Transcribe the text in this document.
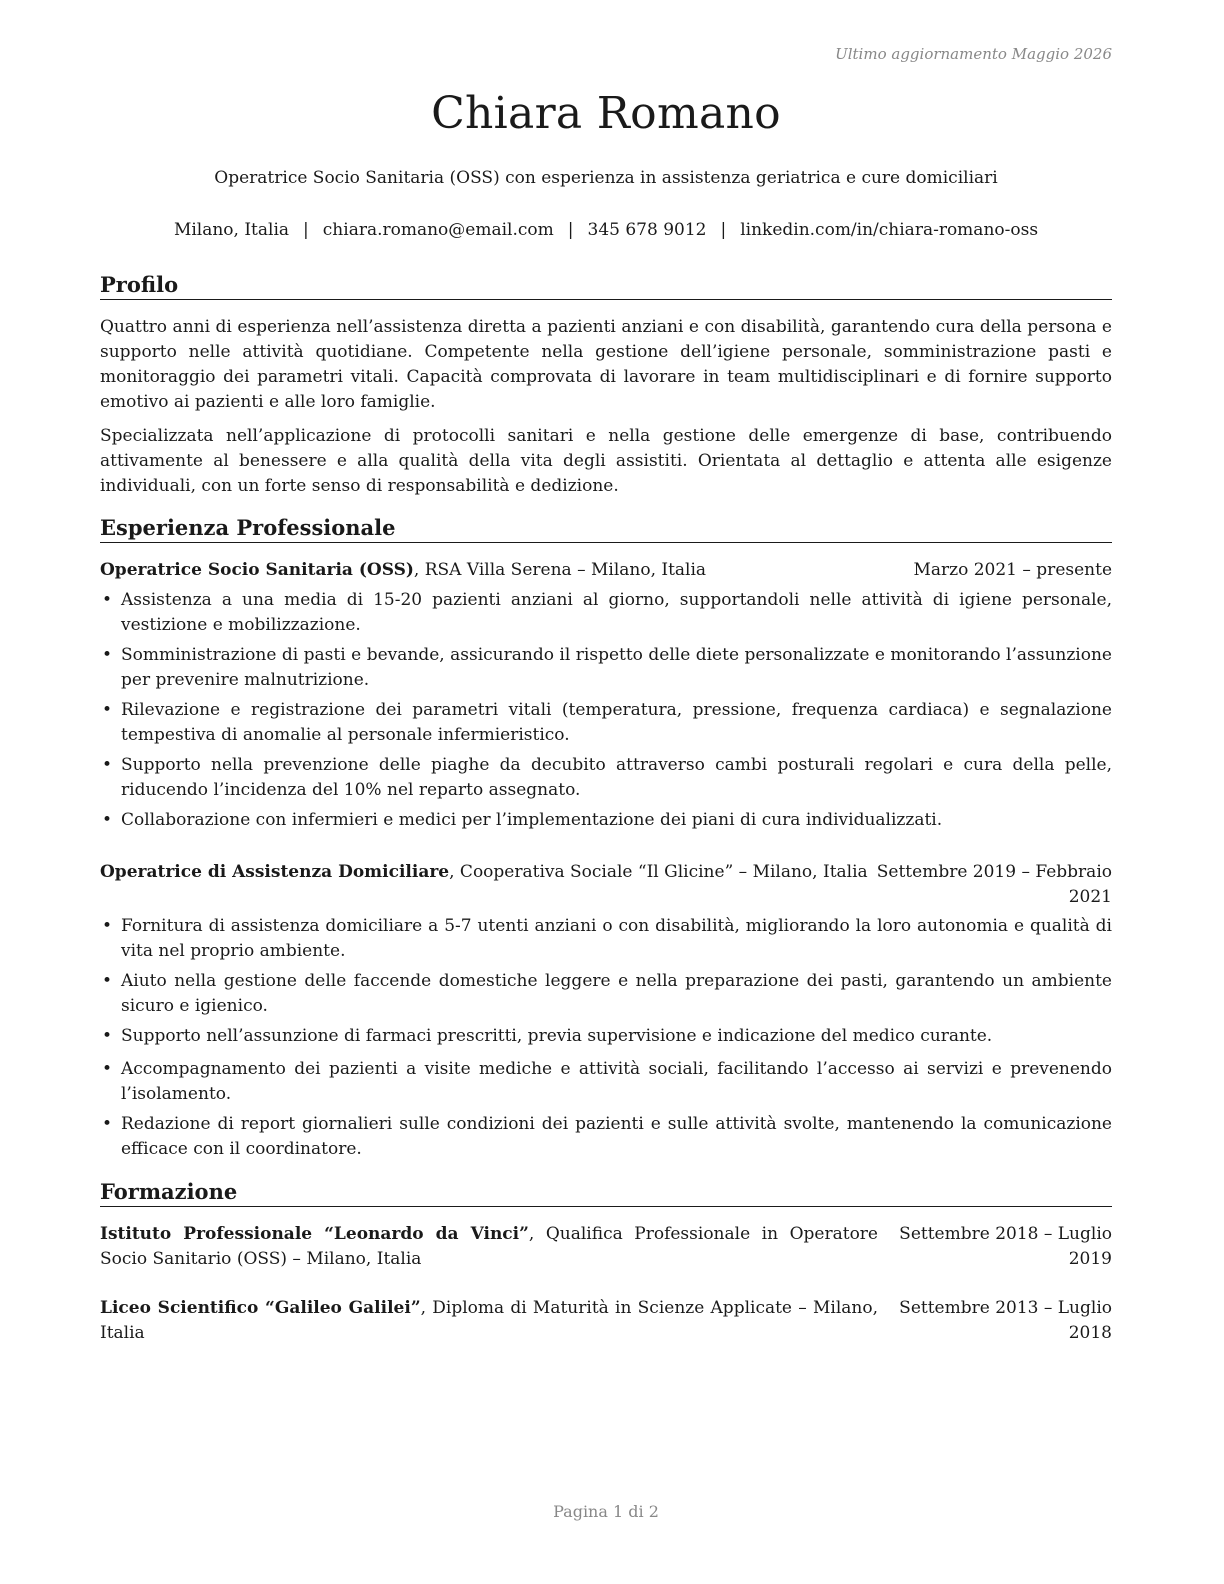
Ultimo aggiornamento Maggio 2026
Chiara Romano
Operatrice Socio Sanitaria (OSS) con esperienza in assistenza geriatrica e cure domiciliari
Milano, Italia | chiara.romano@email.com | 345 678 9012 | linkedin.com/in/chiara-romano-oss
Profilo

Quattro anni di esperienza nell’assistenza diretta a pazienti anziani e con disabilità, garantendo cura della persona e supporto nelle attività quotidiane. Competente nella gestione dell’igiene personale, somministrazione pasti e monitoraggio dei parametri vitali. Capacità comprovata di lavorare in team multidisciplinari e di fornire supporto emotivo ai pazienti e alle loro famiglie.

Specializzata nell’applicazione di protocolli sanitari e nella gestione delle emergenze di base, contribuendo attivamente al benessere e alla qualità della vita degli assistiti. Orientata al dettaglio e attenta alle esigenze individuali, con un forte senso di responsabilità e dedizione.

Esperienza Professionale
Operatrice Socio Sanitaria (OSS), RSA Villa Serena – Milano, Italia	Marzo 2021 – presente
• Assistenza a una media di 15-20 pazienti anziani al giorno, supportandoli nelle attività di igiene personale, vestizione e mobilizzazione.
• Somministrazione di pasti e bevande, assicurando il rispetto delle diete personalizzate e monitorando l’assunzione per prevenire malnutrizione.
• Rilevazione e registrazione dei parametri vitali (temperatura, pressione, frequenza cardiaca) e segnalazione tempestiva di anomalie al personale infermieristico.
• Supporto nella prevenzione delle piaghe da decubito attraverso cambi posturali regolari e cura della pelle, riducendo l’incidenza del 10% nel reparto assegnato.
• Collaborazione con infermieri e medici per l’implementazione dei piani di cura individualizzati.
Operatrice di Assistenza Domiciliare, Cooperativa Sociale “Il Glicine” – Milano, Italia Settembre 2019 – Febbraio
2021
• Fornitura di assistenza domiciliare a 5-7 utenti anziani o con disabilità, migliorando la loro autonomia e qualità di vita nel proprio ambiente.
• Aiuto nella gestione delle faccende domestiche leggere e nella preparazione dei pasti, garantendo un ambiente sicuro e igienico.
• Supporto nell’assunzione di farmaci prescritti, previa supervisione e indicazione del medico curante.
• Accompagnamento dei pazienti a visite mediche e attività sociali, facilitando l’accesso ai servizi e prevenendo l’isolamento.
• Redazione di report giornalieri sulle condizioni dei pazienti e sulle attività svolte, mantenendo la comunicazione efficace con il coordinatore.
Formazione
Istituto Professionale “Leonardo da Vinci”, Qualifica Professionale in Operatore Socio Sanitario (OSS) – Milano, Italia
Settembre 2018 – Luglio
2019
Liceo Scientifico “Galileo Galilei”, Diploma di Maturità in Scienze Applicate – Milano, Italia
Settembre 2013 – Luglio
2018
Pagina 1 di 2
